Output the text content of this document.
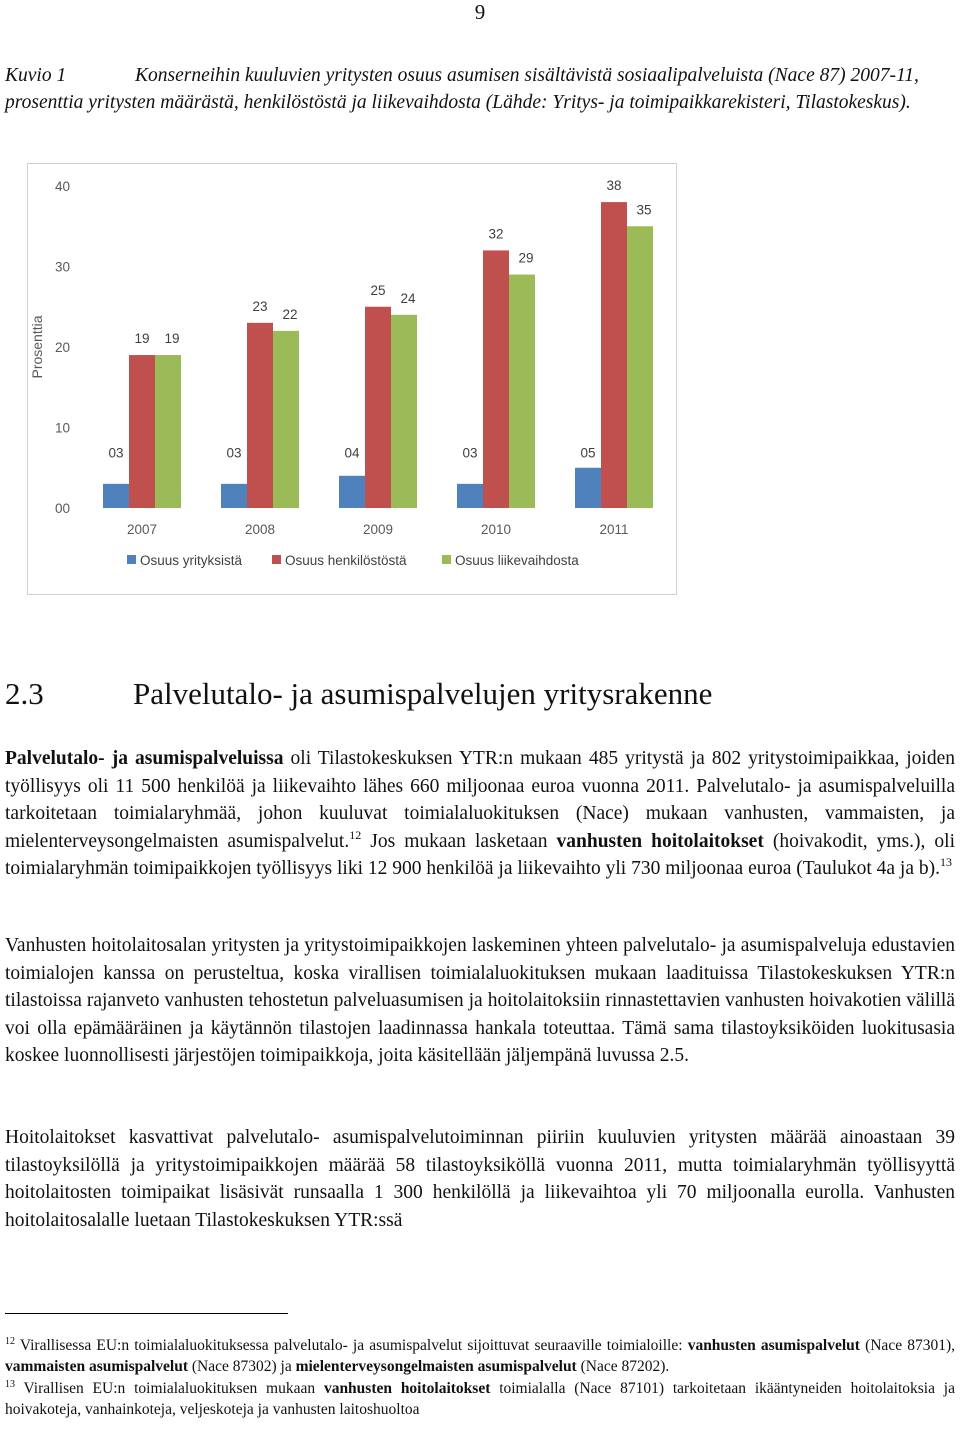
9
Kuvio 1	Konserneihin kuuluvien yritysten osuus asumisen sisältävistä sosiaalipalveluista (Nace 87) 2007-11, prosenttia yritysten määrästä, henkilöstöstä ja liikevaihdosta (Lähde: Yritys- ja toimipaikkarekisteri, Tilastokeskus).
Prosenttia
00
10
20
30
40
03
19 19
2007
03
23
22
2008
04
25
24
2009
03
32
29
2010
05
38
35
2011
Osuus yrityksistä	Osuus henkilöstöstä	Osuus liikevaihdosta
2.3	Palvelutalo- ja asumispalvelujen yritysrakenne

Palvelutalo- ja asumispalveluissa oli Tilastokeskuksen YTR:n mukaan 485 yritystä ja 802 yritystoimipaikkaa, joiden työllisyys oli 11 500 henkilöä ja liikevaihto lähes 660 miljoonaa euroa vuonna 2011. Palvelutalo- ja asumispalveluilla tarkoitetaan toimialaryhmää, johon kuuluvat toimialaluokituksen (Nace) mukaan vanhusten, vammaisten, ja mielenterveysongelmaisten asumispalvelut.$^{12}$ Jos mukaan lasketaan vanhusten hoitolaitokset (hoivakodit, yms.), oli toimialaryhmän toimipaikkojen työllisyys liki 12 900 henkilöä ja liikevaihto yli 730 miljoonaa euroa (Taulukot 4a ja b).$^{13}$

Vanhusten hoitolaitosalan yritysten ja yritystoimipaikkojen laskeminen yhteen palvelutalo- ja asumispalveluja edustavien toimialojen kanssa on perusteltua, koska virallisen toimialaluokituksen mukaan laadituissa Tilastokeskuksen YTR:n tilastoissa rajanveto vanhusten tehostetun palveluasumisen ja hoitolaitoksiin rinnastettavien vanhusten hoivakotien välillä voi olla epämääräinen ja käytännön tilastojen laadinnassa hankala toteuttaa. Tämä sama tilastoyksiköiden luokitusasia koskee luonnollisesti järjestöjen toimipaikkoja, joita käsitellään jäljempänä luvussa 2.5.

Hoitolaitokset kasvattivat palvelutalo- asumispalvelutoiminnan piiriin kuuluvien yritysten määrää ainoastaan 39 tilastoyksilöllä ja yritystoimipaikkojen määrää 58 tilastoyksiköllä vuonna 2011, mutta toimialaryhmän työllisyyttä hoitolaitosten toimipaikat lisäsivät runsaalla 1 300 henkilöllä ja liikevaihtoa yli 70 miljoonalla eurolla. Vanhusten hoitolaitosalalle luetaan Tilastokeskuksen YTR:ssä

$^{12}$ Virallisessa EU:n toimialaluokituksessa palvelutalo- ja asumispalvelut sijoittuvat seuraaville toimialoille: vanhusten asumispalvelut (Nace 87301), vammaisten asumispalvelut (Nace 87302) ja mielenterveysongelmaisten asumispalvelut (Nace 87202).

$^{13}$ Virallisen EU:n toimialaluokituksen mukaan vanhusten hoitolaitokset toimialalla (Nace 87101) tarkoitetaan ikääntyneiden hoitolaitoksia ja hoivakoteja, vanhainkoteja, veljeskoteja ja vanhusten laitoshuoltoa
